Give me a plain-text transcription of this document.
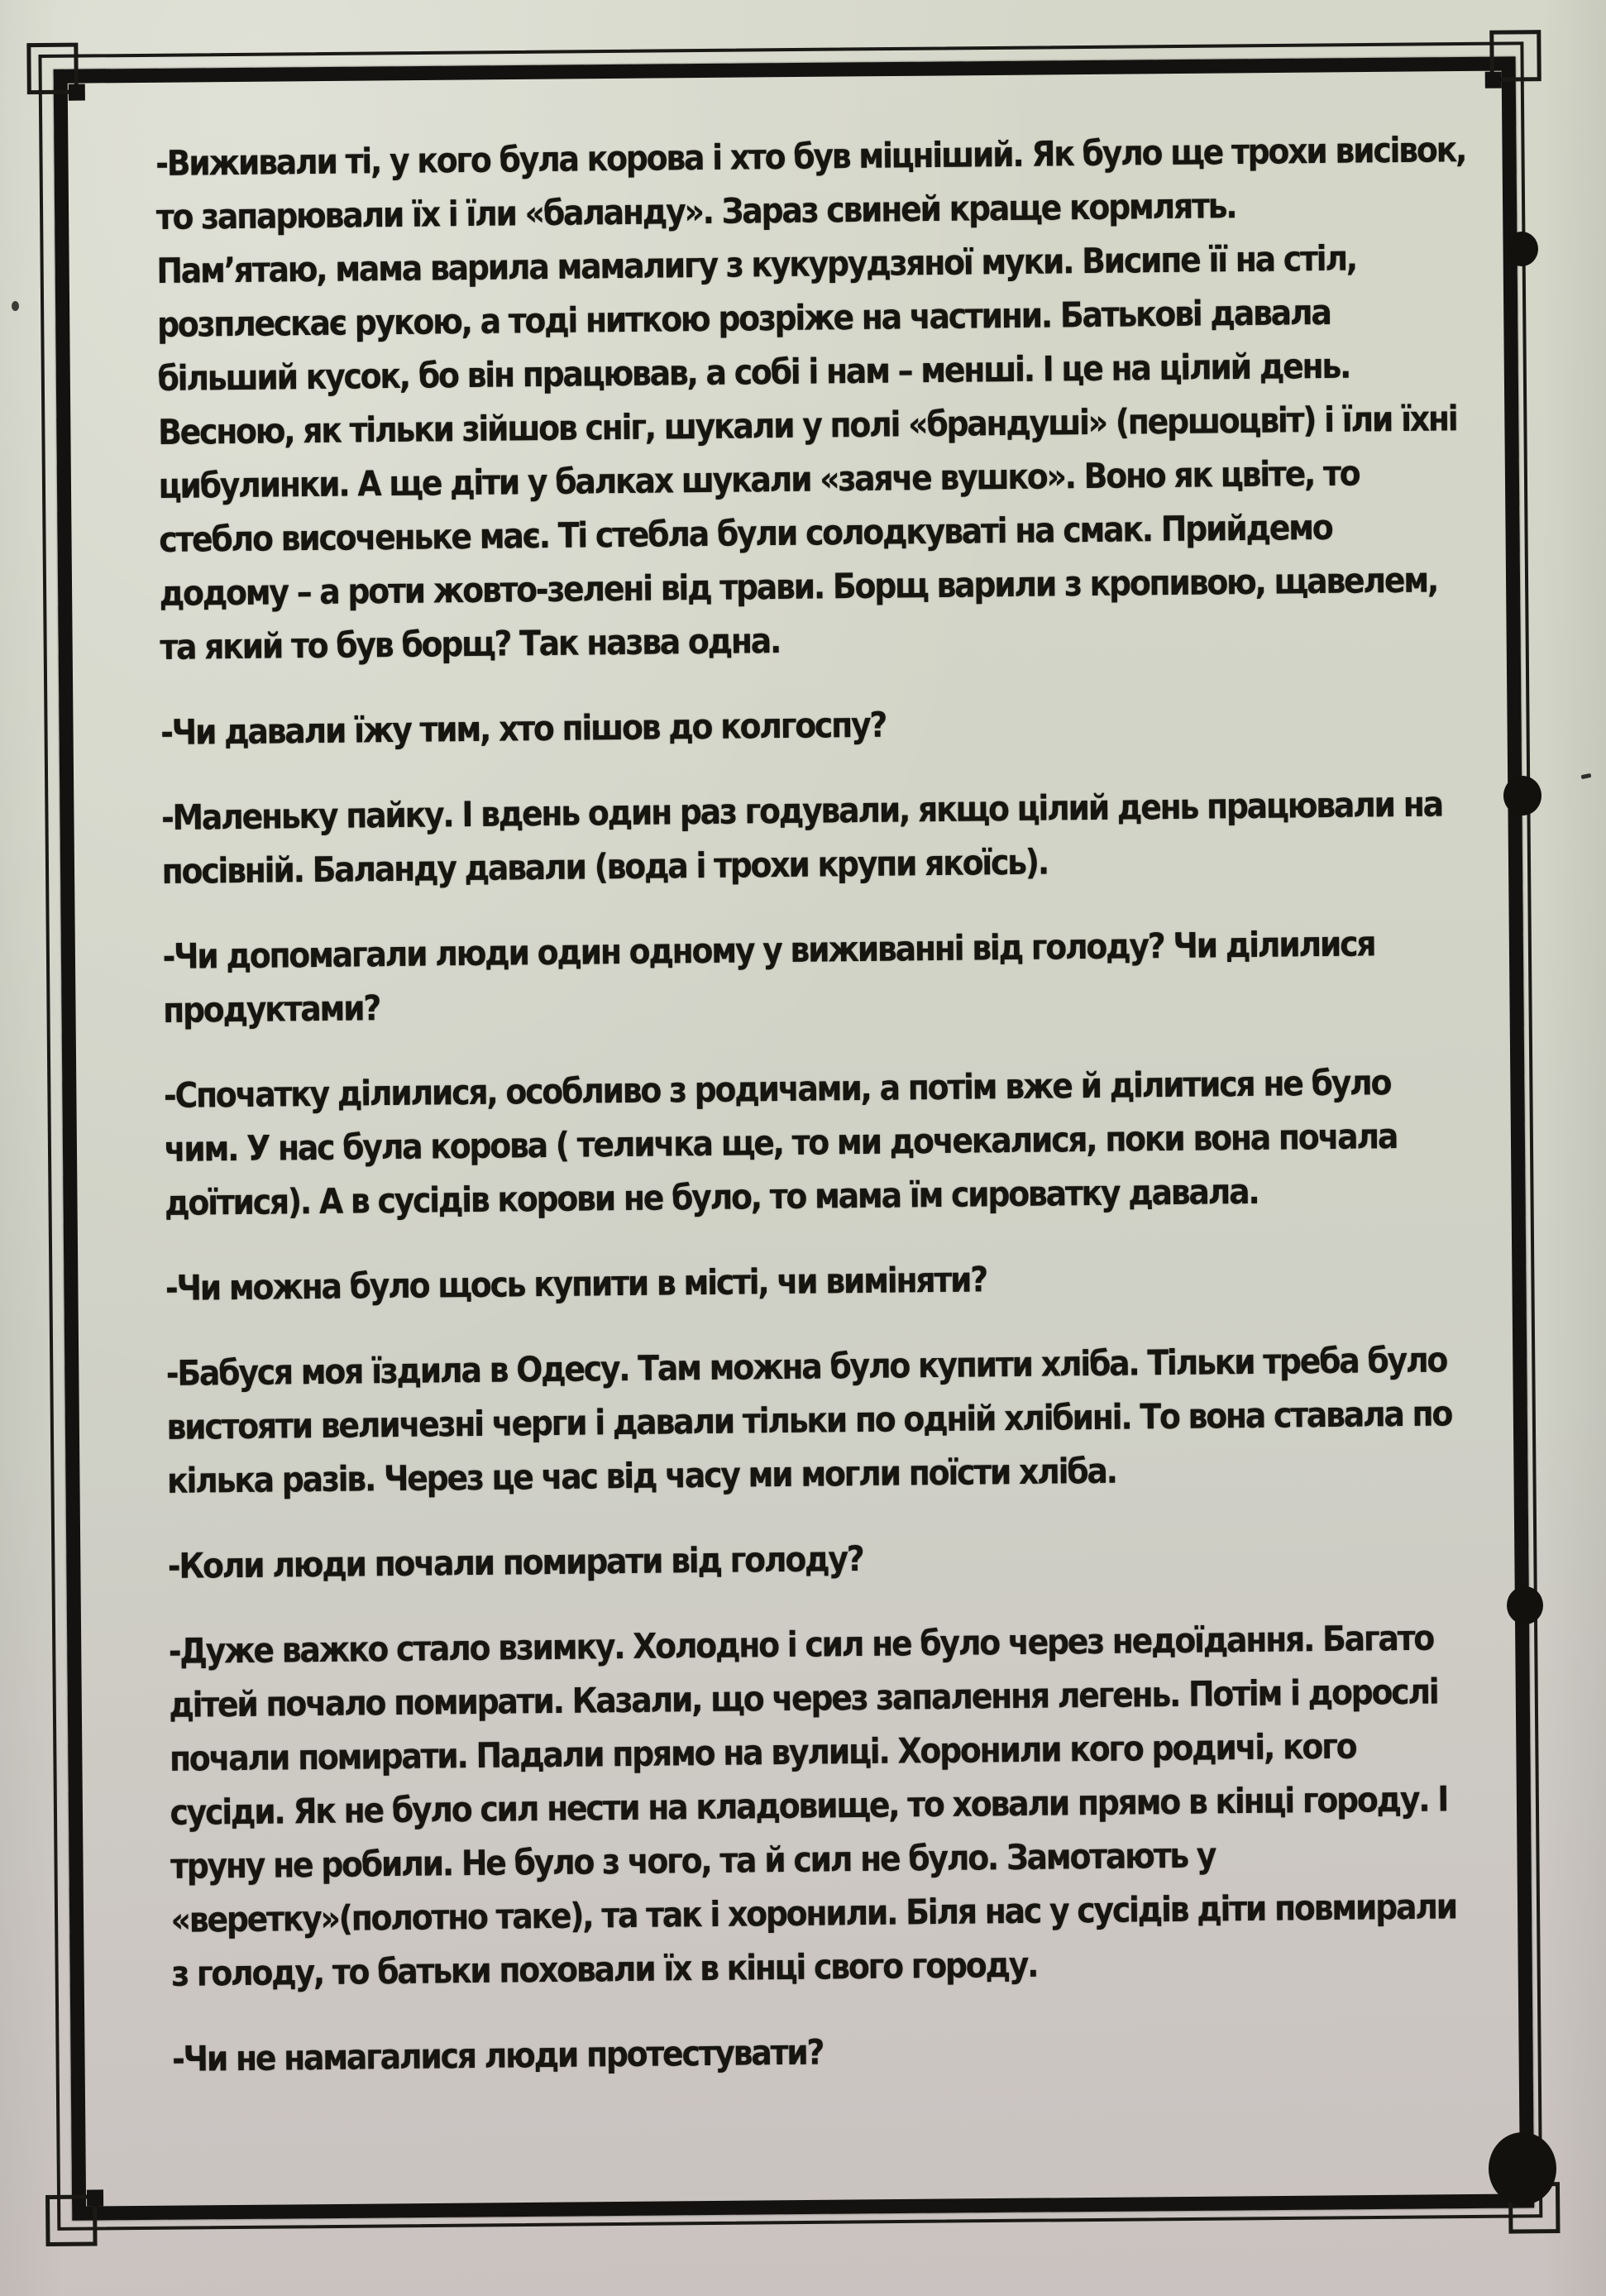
-Виживали ті, у кого була корова і хто був міцніший. Як було ще трохи висівок,
то запарювали їх і їли «баланду». Зараз свиней краще кормлять.
Пам’ятаю, мама варила мамалигу з кукурудзяної муки. Висипе її на стіл,
розплескає рукою, а тоді ниткою розріже на частини. Батькові давала
більший кусок, бо він працював, а собі і нам – менші. І це на цілий день.
Весною, як тільки зійшов сніг, шукали у полі «брандуші» (першоцвіт) і їли їхні
цибулинки. А ще діти у балках шукали «заяче вушко». Воно як цвіте, то
стебло височеньке має. Ті стебла були солодкуваті на смак. Прийдемо
додому – а роти жовто-зелені від трави. Борщ варили з кропивою, щавелем,
та який то був борщ? Так назва одна.
-Чи давали їжу тим, хто пішов до колгоспу?
-Маленьку пайку. І вдень один раз годували, якщо цілий день працювали на
посівній. Баланду давали (вода і трохи крупи якоїсь).
-Чи допомагали люди один одному у виживанні від голоду? Чи ділилися
продуктами?
-Спочатку ділилися, особливо з родичами, а потім вже й ділитися не було
чим. У нас була корова ( теличка ще, то ми дочекалися, поки вона почала
доїтися). А в сусідів корови не було, то мама їм сироватку давала.
-Чи можна було щось купити в місті, чи виміняти?
-Бабуся моя їздила в Одесу. Там можна було купити хліба. Тільки треба було
вистояти величезні черги і давали тільки по одній хлібині. То вона ставала по
кілька разів. Через це час від часу ми могли поїсти хліба.
-Коли люди почали помирати від голоду?
-Дуже важко стало взимку. Холодно і сил не було через недоїдання. Багато
дітей почало помирати. Казали, що через запалення легень. Потім і дорослі
почали помирати. Падали прямо на вулиці. Хоронили кого родичі, кого
сусіди. Як не було сил нести на кладовище, то ховали прямо в кінці городу. І
труну не робили. Не було з чого, та й сил не було. Замотають у
«веретку»(полотно таке), та так і хоронили. Біля нас у сусідів діти повмирали
з голоду, то батьки поховали їх в кінці свого городу.
-Чи не намагалися люди протестувати?
